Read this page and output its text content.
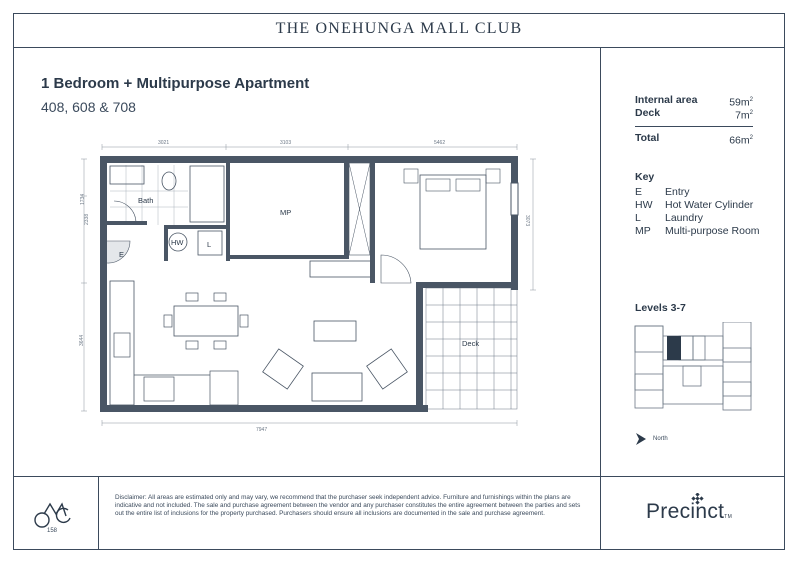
THE ONEHUNGA MALL CLUB
1 Bedroom + Multipurpose Apartment
408, 608 & 708	Internal area	$59m^2$
Deck	$7m^2$
Total	$66m^2$
Key
E	Entry
HW	Hot Water Cylinder
L	Laundry
MP	Multi-purpose Room
Levels 3-7
North
3021	3103	5462
1734
2338
3644
3073
7947
HW	L
E
MP
Bath
Deck
158
Disclaimer: All areas are estimated only and may vary, we recommend that the purchaser seek independent advice. Furniture and furnishings within the plans are indicative and not included. The sale and purchase agreement between the vendor and any purchaser constitutes the entire agreement between the parties and sets out the entire list of inclusions for the property purchased. Purchasers should ensure all inclusions are documented in the sale and purchase agreement.	PrecinctTM
